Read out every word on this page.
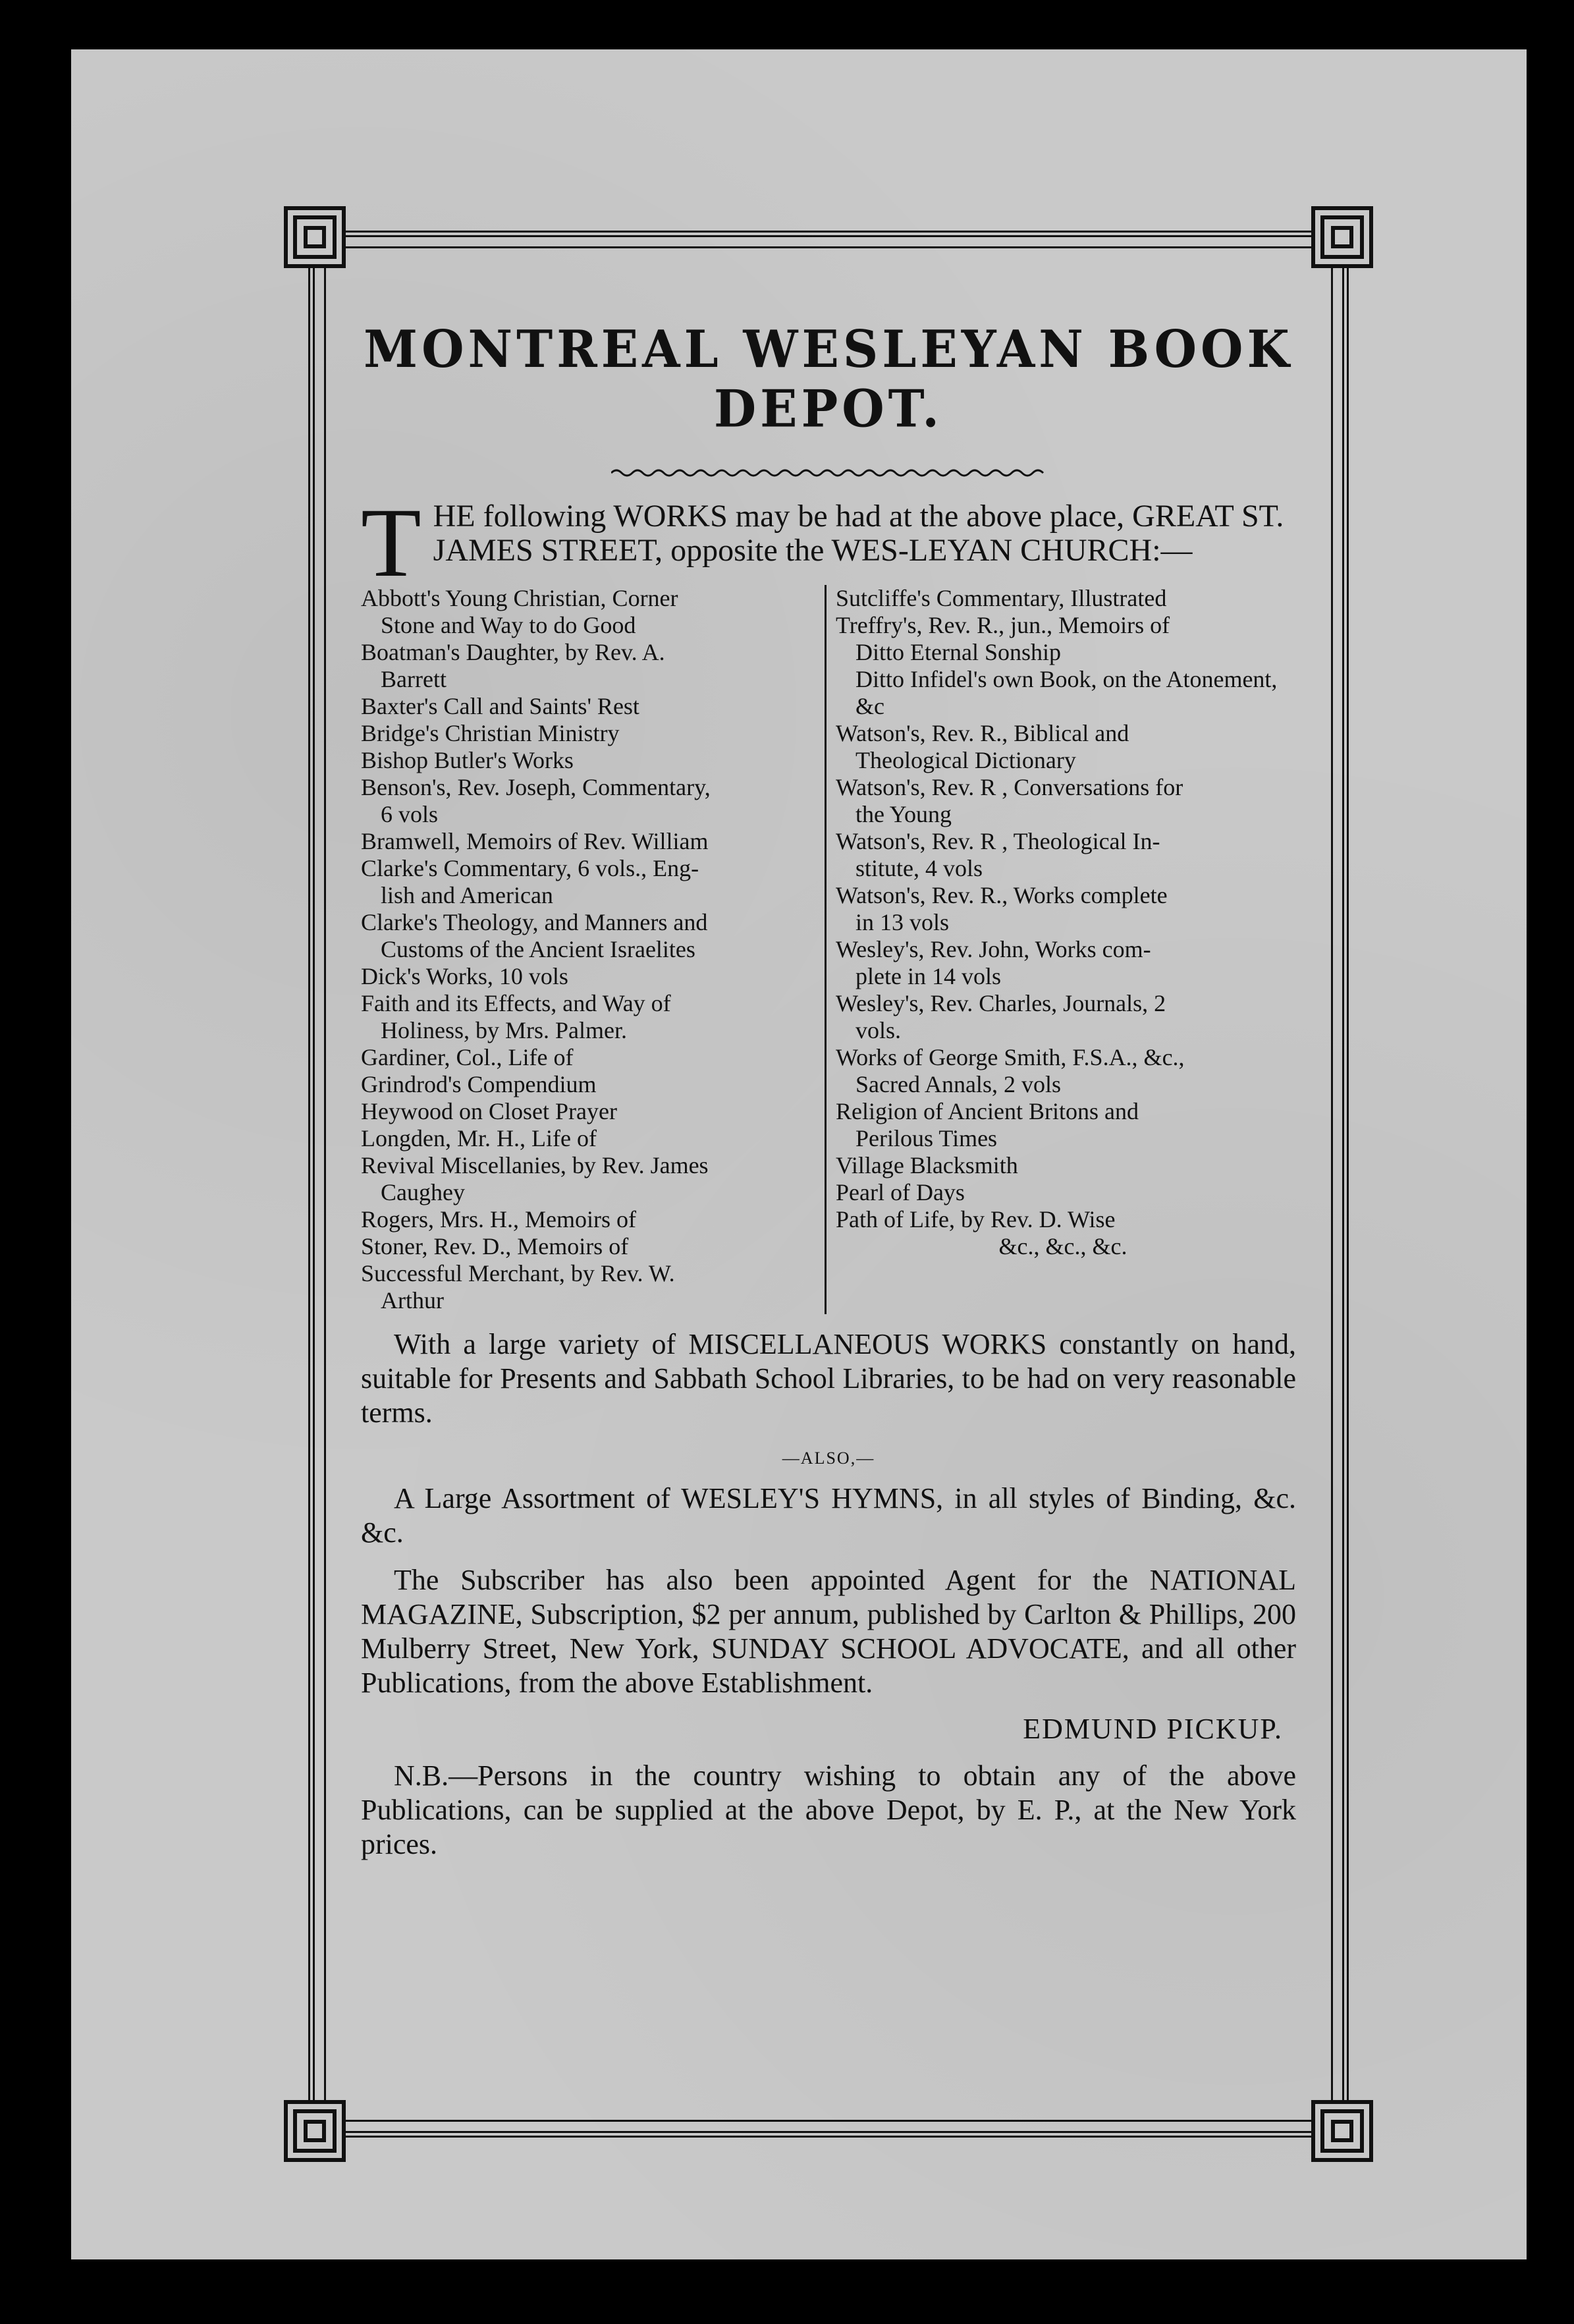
MONTREAL WESLEYAN BOOK DEPOT.

T HE following WORKS may be had at the above place, GREAT ST. JAMES STREET, opposite the WES-LEYAN CHURCH:—

Abbott's Young Christian, Corner
Stone and Way to do Good

Boatman's Daughter, by Rev. A.
Barrett

Baxter's Call and Saints' Rest

Bridge's Christian Ministry

Bishop Butler's Works

Benson's, Rev. Joseph, Commentary,
6 vols

Bramwell, Memoirs of Rev. William

Clarke's Commentary, 6 vols., Eng-
lish and American

Clarke's Theology, and Manners and
Customs of the Ancient Israelites

Dick's Works, 10 vols

Faith and its Effects, and Way of
Holiness, by Mrs. Palmer.

Gardiner, Col., Life of

Grindrod's Compendium

Heywood on Closet Prayer

Longden, Mr. H., Life of

Revival Miscellanies, by Rev. James
Caughey

Rogers, Mrs. H., Memoirs of

Stoner, Rev. D., Memoirs of

Successful Merchant, by Rev. W.
Arthur

Sutcliffe's Commentary, Illustrated

Treffry's, Rev. R., jun., Memoirs of
Ditto Eternal Sonship
Ditto Infidel's own Book, on the Atonement, &c

Watson's, Rev. R., Biblical and
Theological Dictionary

Watson's, Rev. R , Conversations for
the Young

Watson's, Rev. R , Theological In-
stitute, 4 vols

Watson's, Rev. R., Works complete
in 13 vols

Wesley's, Rev. John, Works com-
plete in 14 vols

Wesley's, Rev. Charles, Journals, 2
vols.

Works of George Smith, F.S.A., &c.,
Sacred Annals, 2 vols

Religion of Ancient Britons and
Perilous Times

Village Blacksmith

Pearl of Days

Path of Life, by Rev. D. Wise

&c., &c., &c.

With a large variety of MISCELLANEOUS WORKS constantly on hand, suitable for Presents and Sabbath School Libraries, to be had on very reasonable terms.

—ALSO,—

A Large Assortment of WESLEY'S HYMNS, in all styles of Binding, &c. &c.

The Subscriber has also been appointed Agent for the NATIONAL MAGAZINE, Subscription, $2 per annum, published by Carlton & Phillips, 200 Mulberry Street, New York, SUNDAY SCHOOL ADVOCATE, and all other Publications, from the above Establishment.

EDMUND PICKUP.

N.B.—Persons in the country wishing to obtain any of the above Publications, can be supplied at the above Depot, by E. P., at the New York prices.
